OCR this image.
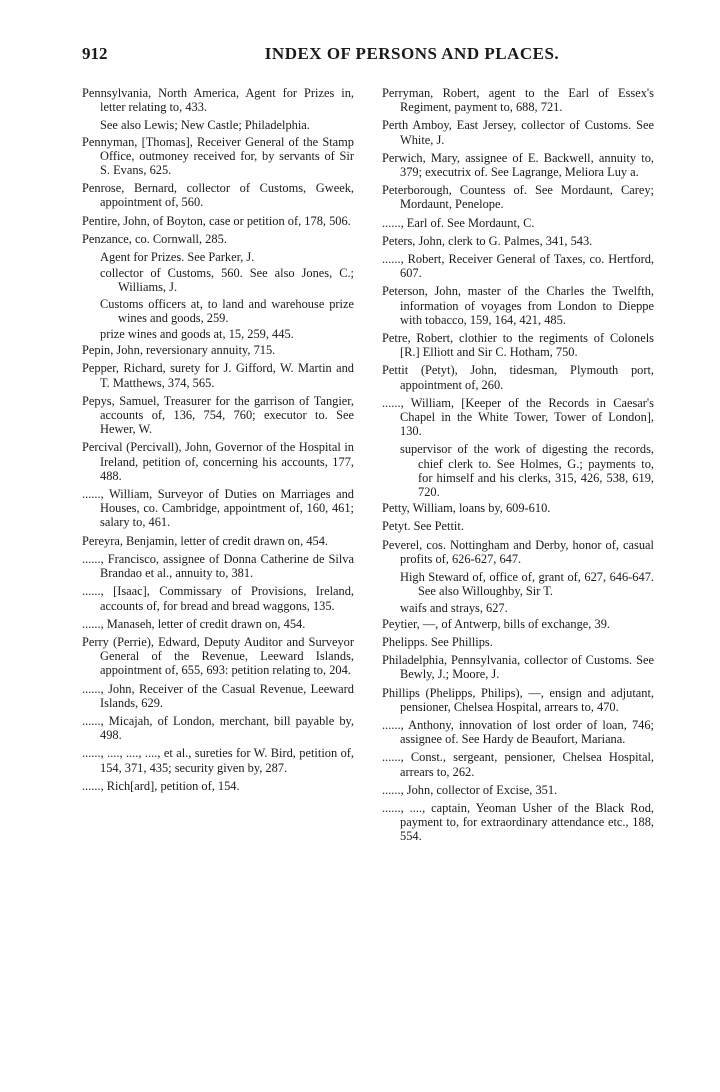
912	INDEX OF PERSONS AND PLACES.

Pennsylvania, North America, Agent for Prizes in, letter relating to, 433.

See also Lewis; New Castle; Philadelphia.

Pennyman, [Thomas], Receiver General of the Stamp Office, outmoney received for, by servants of Sir S. Evans, 625.

Penrose, Bernard, collector of Customs, Gweek, appointment of, 560.

Pentire, John, of Boyton, case or petition of, 178, 506.

Penzance, co. Cornwall, 285.

Agent for Prizes. See Parker, J.

collector of Customs, 560. See also Jones, C.; Williams, J.

Customs officers at, to land and warehouse prize wines and goods, 259.

prize wines and goods at, 15, 259, 445.

Pepin, John, reversionary annuity, 715.

Pepper, Richard, surety for J. Gifford, W. Martin and T. Matthews, 374, 565.

Pepys, Samuel, Treasurer for the garrison of Tangier, accounts of, 136, 754, 760; executor to. See Hewer, W.

Percival (Percivall), John, Governor of the Hospital in Ireland, petition of, concerning his accounts, 177, 488.

......, William, Surveyor of Duties on Marriages and Houses, co. Cambridge, appointment of, 160, 461; salary to, 461.

Pereyra, Benjamin, letter of credit drawn on, 454.

......, Francisco, assignee of Donna Catherine de Silva Brandao et al., annuity to, 381.

......, [Isaac], Commissary of Provisions, Ireland, accounts of, for bread and bread waggons, 135.

......, Manaseh, letter of credit drawn on, 454.

Perry (Perrie), Edward, Deputy Auditor and Surveyor General of the Revenue, Leeward Islands, appointment of, 655, 693: petition relating to, 204.

......, John, Receiver of the Casual Revenue, Leeward Islands, 629.

......, Micajah, of London, merchant, bill payable by, 498.

......, ...., ...., ...., et al., sureties for W. Bird, petition of, 154, 371, 435; security given by, 287.

......, Rich[ard], petition of, 154.

Perryman, Robert, agent to the Earl of Essex's Regiment, payment to, 688, 721.

Perth Amboy, East Jersey, collector of Customs. See White, J.

Perwich, Mary, assignee of E. Backwell, annuity to, 379; executrix of. See Lagrange, Meliora Luy a.

Peterborough, Countess of. See Mordaunt, Carey; Mordaunt, Penelope.

......, Earl of. See Mordaunt, C.

Peters, John, clerk to G. Palmes, 341, 543.

......, Robert, Receiver General of Taxes, co. Hertford, 607.

Peterson, John, master of the Charles the Twelfth, information of voyages from London to Dieppe with tobacco, 159, 164, 421, 485.

Petre, Robert, clothier to the regiments of Colonels [R.] Elliott and Sir C. Hotham, 750.

Pettit (Petyt), John, tidesman, Plymouth port, appointment of, 260.

......, William, [Keeper of the Records in Caesar's Chapel in the White Tower, Tower of London], 130.

supervisor of the work of digesting the records, chief clerk to. See Holmes, G.; payments to, for himself and his clerks, 315, 426, 538, 619, 720.

Petty, William, loans by, 609-610.

Petyt. See Pettit.

Peverel, cos. Nottingham and Derby, honor of, casual profits of, 626-627, 647.

High Steward of, office of, grant of, 627, 646-647. See also Willoughby, Sir T.

waifs and strays, 627.

Peytier, —, of Antwerp, bills of exchange, 39.

Phelipps. See Phillips.

Philadelphia, Pennsylvania, collector of Customs. See Bewly, J.; Moore, J.

Phillips (Phelipps, Philips), —, ensign and adjutant, pensioner, Chelsea Hospital, arrears to, 470.

......, Anthony, innovation of lost order of loan, 746; assignee of. See Hardy de Beaufort, Mariana.

......, Const., sergeant, pensioner, Chelsea Hospital, arrears to, 262.

......, John, collector of Excise, 351.

......, ...., captain, Yeoman Usher of the Black Rod, payment to, for extraordinary attendance etc., 188, 554.
